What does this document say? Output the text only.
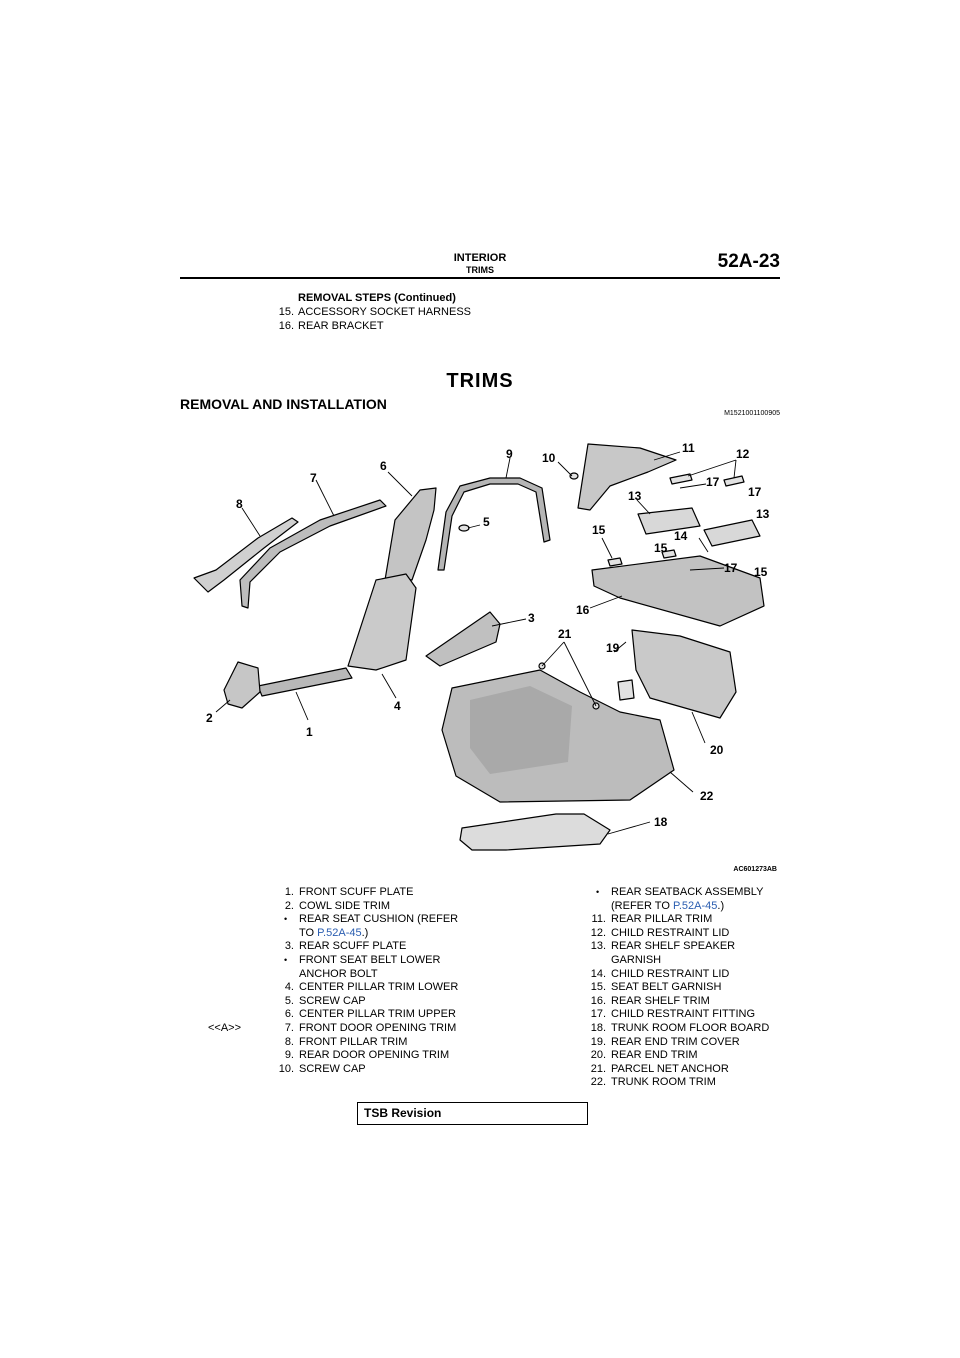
INTERIOR
TRIMS	52A-23
REMOVAL STEPS (Continued)
15. ACCESSORY SOCKET HARNESS
16. REAR BRACKET
TRIMS
REMOVAL AND INSTALLATION
M1521001100905
8
7
6
5
9 10
11	12
17
17
13
13
15	14
15
17 15
16
3
21
19
4
2
1
20
22
18
AC601273AB
1. FRONT SCUFF PLATE
2. COWL SIDE TRIM
• REAR SEAT CUSHION (REFER
TO P.52A-45.)
3. REAR SCUFF PLATE
• FRONT SEAT BELT LOWER
ANCHOR BOLT
4. CENTER PILLAR TRIM LOWER
5. SCREW CAP
6. CENTER PILLAR TRIM UPPER
7. FRONT DOOR OPENING TRIM
8. FRONT PILLAR TRIM
9. REAR DOOR OPENING TRIM
10. SCREW CAP
<<A>>
• REAR SEATBACK ASSEMBLY
(REFER TO P.52A-45.)
11. REAR PILLAR TRIM
12. CHILD RESTRAINT LID
13. REAR SHELF SPEAKER
GARNISH
14. CHILD RESTRAINT LID
15. SEAT BELT GARNISH
16. REAR SHELF TRIM
17. CHILD RESTRAINT FITTING
18. TRUNK ROOM FLOOR BOARD
19. REAR END TRIM COVER
20. REAR END TRIM
21. PARCEL NET ANCHOR
22. TRUNK ROOM TRIM
TSB Revision
